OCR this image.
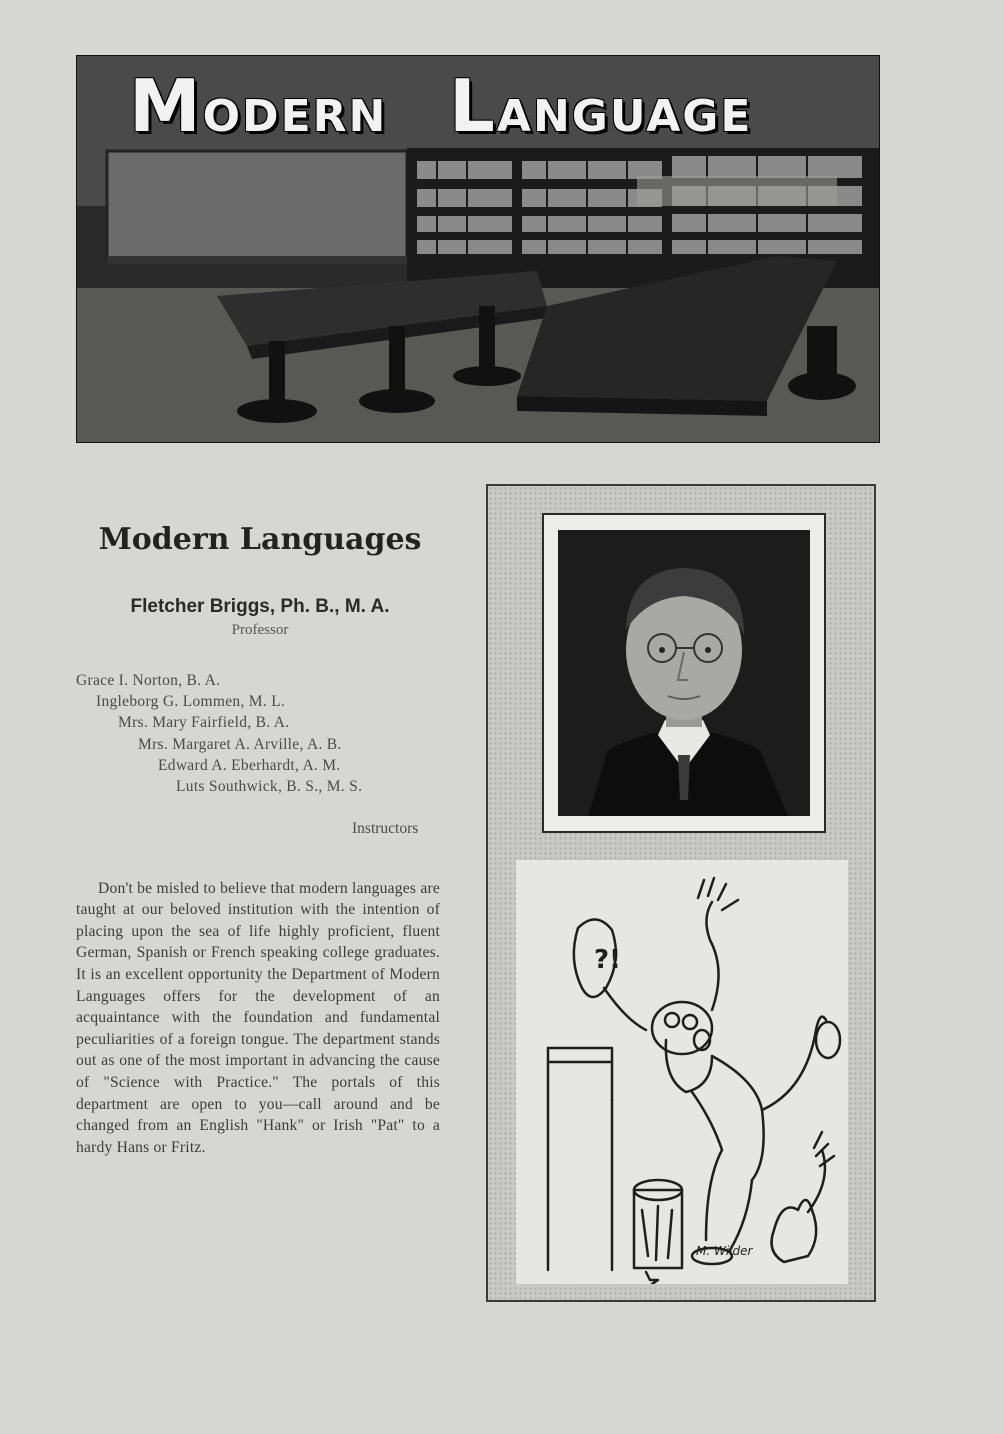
MODERN LANGUAGE
Modern Languages
Fletcher Briggs, Ph. B., M. A.
Professor
Grace I. Norton, B. A.
Ingleborg G. Lommen, M. L.
Mrs. Mary Fairfield, B. A.
Mrs. Margaret A. Arville, A. B.
Edward A. Eberhardt, A. M.
Luts Southwick, B. S., M. S.
Instructors

Don't be misled to believe that modern languages are taught at our beloved institution with the intention of placing upon the sea of life highly proficient, fluent German, Spanish or French speaking college graduates. It is an excellent opportunity the Department of Modern Languages offers for the development of an acquaintance with the foundation and fundamental peculiarities of a foreign tongue. The department stands out as one of the most important in advancing the cause of "Science with Practice." The portals of this department are open to you—call around and be changed from an English "Hank" or Irish "Pat" to a hardy Hans or Fritz.

?!
M. Wilder
